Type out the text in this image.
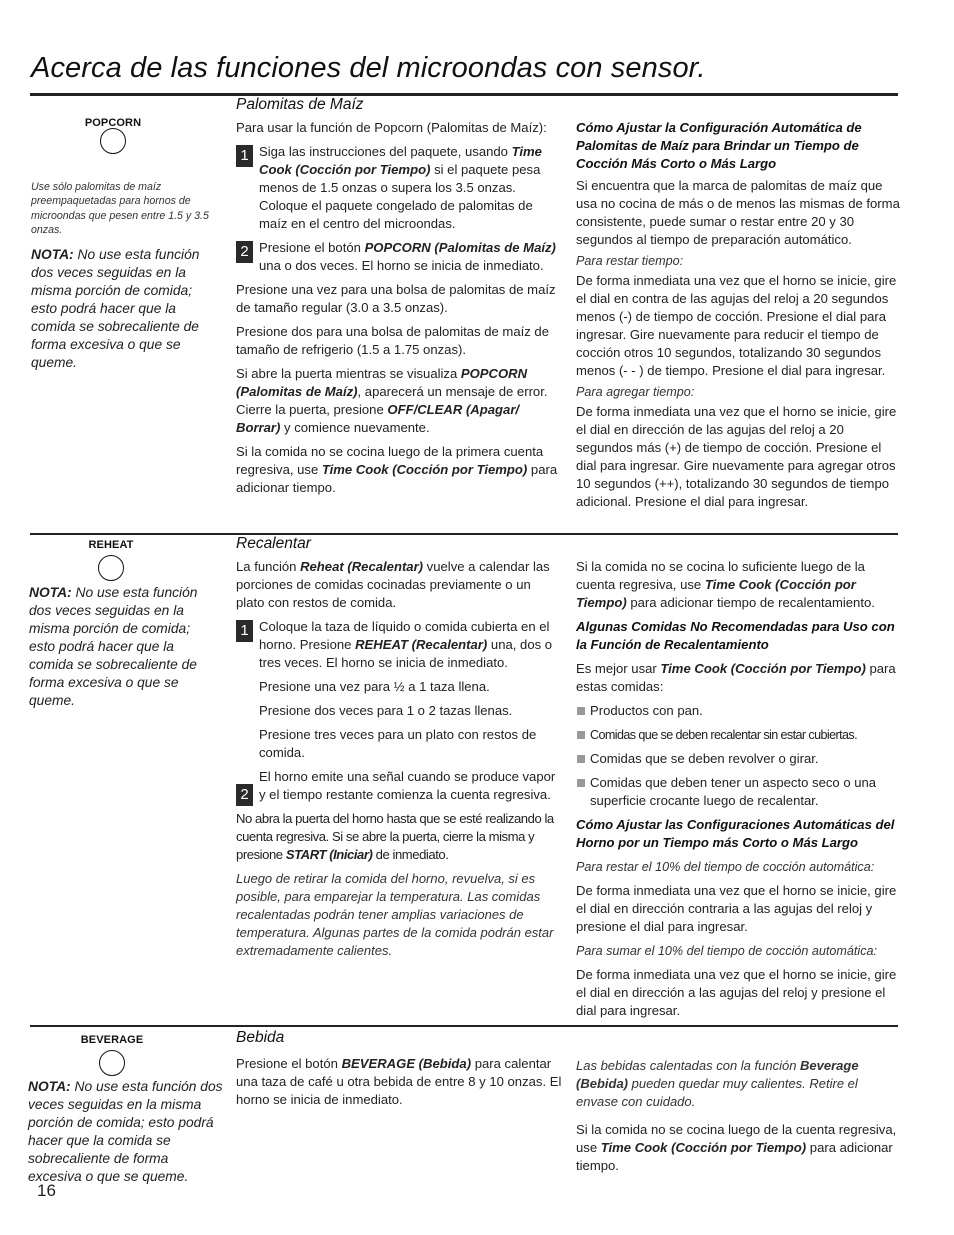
Acerca de las funciones del microondas con sensor.
POPCORN

Use sólo palomitas de maíz preempaquetadas para hornos de microondas que pesen entre 1.5 y 3.5 onzas.

NOTA: No use esta función dos veces seguidas en la misma porción de comida; esto podrá hacer que la comida se sobrecaliente de forma excesiva o que se queme.

Palomitas de Maíz

Para usar la función de Popcorn (Palomitas de Maíz):

1 Siga las instrucciones del paquete, usando Time Cook (Cocción por Tiempo) si el paquete pesa menos de 1.5 onzas o supera los 3.5 onzas. Coloque el paquete congelado de palomitas de maíz en el centro del microondas.
2 Presione el botón POPCORN (Palomitas de Maíz) una o dos veces. El horno se inicia de inmediato.

Presione una vez para una bolsa de palomitas de maíz de tamaño regular (3.0 a 3.5 onzas).

Presione dos para una bolsa de palomitas de maíz de tamaño de refrigerio (1.5 a 1.75 onzas).

Si abre la puerta mientras se visualiza POPCORN (Palomitas de Maíz), aparecerá un mensaje de error. Cierre la puerta, presione OFF/CLEAR (Apagar/ Borrar) y comience nuevamente.

Si la comida no se cocina luego de la primera cuenta regresiva, use Time Cook (Cocción por Tiempo) para adicionar tiempo.

Cómo Ajustar la Configuración Automática de Palomitas de Maíz para Brindar un Tiempo de Cocción Más Corto o Más Largo

Si encuentra que la marca de palomitas de maíz que usa no cocina de más o de menos las mismas de forma consistente, puede sumar o restar entre 20 y 30 segundos al tiempo de preparación automático.

Para restar tiempo:

De forma inmediata una vez que el horno se inicie, gire el dial en contra de las agujas del reloj a 20 segundos menos (-) de tiempo de cocción. Presione el dial para ingresar. Gire nuevamente para reducir el tiempo de cocción otros 10 segundos, totalizando 30 segundos menos (- - ) de tiempo. Presione el dial para ingresar.

Para agregar tiempo:

De forma inmediata una vez que el horno se inicie, gire el dial en dirección de las agujas del reloj a 20 segundos más (+) de tiempo de cocción. Presione el dial para ingresar. Gire nuevamente para agregar otros 10 segundos (++), totalizando 30 segundos de tiempo adicional. Presione el dial para ingresar.

REHEAT

NOTA: No use esta función dos veces seguidas en la misma porción de comida; esto podrá hacer que la comida se sobrecaliente de forma excesiva o que se queme.

Recalentar

La función Reheat (Recalentar) vuelve a calendar las porciones de comidas cocinadas previamente o un plato con restos de comida.

1 Coloque la taza de líquido o comida cubierta en el horno. Presione REHEAT (Recalentar) una, dos o tres veces. El horno se inicia de inmediato.

Presione una vez para ½ a 1 taza llena.

Presione dos veces para 1 o 2 tazas llenas.

Presione tres veces para un plato con restos de comida.

2
El horno emite una señal cuando se produce vapor y el tiempo restante comienza la cuenta regresiva.

No abra la puerta del horno hasta que se esté realizando la cuenta regresiva. Si se abre la puerta, cierre la misma y presione START (Iniciar) de inmediato.

Luego de retirar la comida del horno, revuelva, si es posible, para emparejar la temperatura. Las comidas recalentadas podrán tener amplias variaciones de temperatura. Algunas partes de la comida podrán estar extremadamente calientes.

Si la comida no se cocina lo suficiente luego de la cuenta regresiva, use Time Cook (Cocción por Tiempo) para adicionar tiempo de recalentamiento.

Algunas Comidas No Recomendadas para Uso con la Función de Recalentamiento

Es mejor usar Time Cook (Cocción por Tiempo) para estas comidas:

Productos con pan.
Comidas que se deben recalentar sin estar cubiertas.
Comidas que se deben revolver o girar.
Comidas que deben tener un aspecto seco o una superficie crocante luego de recalentar.

Cómo Ajustar las Configuraciones Automáticas del Horno por un Tiempo más Corto o Más Largo

Para restar el 10% del tiempo de cocción automática:

De forma inmediata una vez que el horno se inicie, gire el dial en dirección contraria a las agujas del reloj y presione el dial para ingresar.

Para sumar el 10% del tiempo de cocción automática:

De forma inmediata una vez que el horno se inicie, gire el dial en dirección a las agujas del reloj y presione el dial para ingresar.

BEVERAGE

NOTA: No use esta función dos veces seguidas en la misma porción de comida; esto podrá hacer que la comida se sobrecaliente de forma excesiva o que se queme.

Bebida

Presione el botón BEVERAGE (Bebida) para calentar una taza de café u otra bebida de entre 8 y 10 onzas. El horno se inicia de inmediato.

Las bebidas calentadas con la función Beverage (Bebida) pueden quedar muy calientes. Retire el envase con cuidado.

Si la comida no se cocina luego de la cuenta regresiva, use Time Cook (Cocción por Tiempo) para adicionar tiempo.

16
